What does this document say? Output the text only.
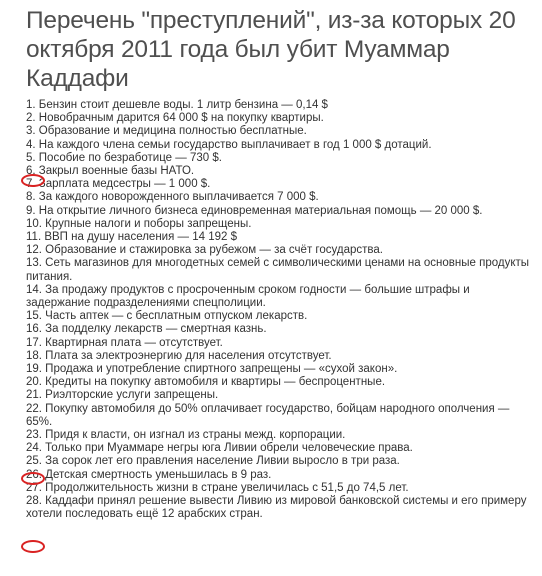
Перечень "преступлений", из-за которых 20 октября 2011 года был убит Муаммар Каддафи
1. Бензин стоит дешевле воды. 1 литр бензина — 0,14 $
2. Новобрачным дарится 64 000 $ на покупку квартиры.
3. Образование и медицина полностью бесплатные.
4. На каждого члена семьи государство выплачивает в год 1 000 $ дотаций.
5. Пособие по безработице — 730 $.
6. Закрыл военные базы НАТО.
7. Зарплата медсестры — 1 000 $.
8. За каждого новорожденного выплачивается 7 000 $.
9. На открытие личного бизнеса единовременная материальная помощь — 20 000 $.
10. Крупные налоги и поборы запрещены.
11. ВВП на душу населения — 14 192 $
12. Образование и стажировка за рубежом — за счёт государства.
13. Сеть магазинов для многодетных семей с символическими ценами на основные продукты питания.
14. За продажу продуктов с просроченным сроком годности — большие штрафы и задержание подразделениями спецполиции.
15. Часть аптек — с бесплатным отпуском лекарств.
16. За подделку лекарств — смертная казнь.
17. Квартирная плата — отсутствует.
18. Плата за электроэнергию для населения отсутствует.
19. Продажа и употребление спиртного запрещены — «сухой закон».
20. Кредиты на покупку автомобиля и квартиры — беспроцентные.
21. Риэлторские услуги запрещены.
22. Покупку автомобиля до 50% оплачивает государство, бойцам народного ополчения — 65%.
23. Придя к власти, он изгнал из страны межд. корпорации.
24. Только при Муаммаре негры юга Ливии обрели человеческие права.
25. За сорок лет его правления население Ливии выросло в три раза.
26. Детская смертность уменьшилась в 9 раз.
27. Продолжительность жизни в стране увеличилась с 51,5 до 74,5 лет.
28. Каддафи принял решение вывести Ливию из мировой банковской системы и его примеру хотели последовать ещё 12 арабских стран.
